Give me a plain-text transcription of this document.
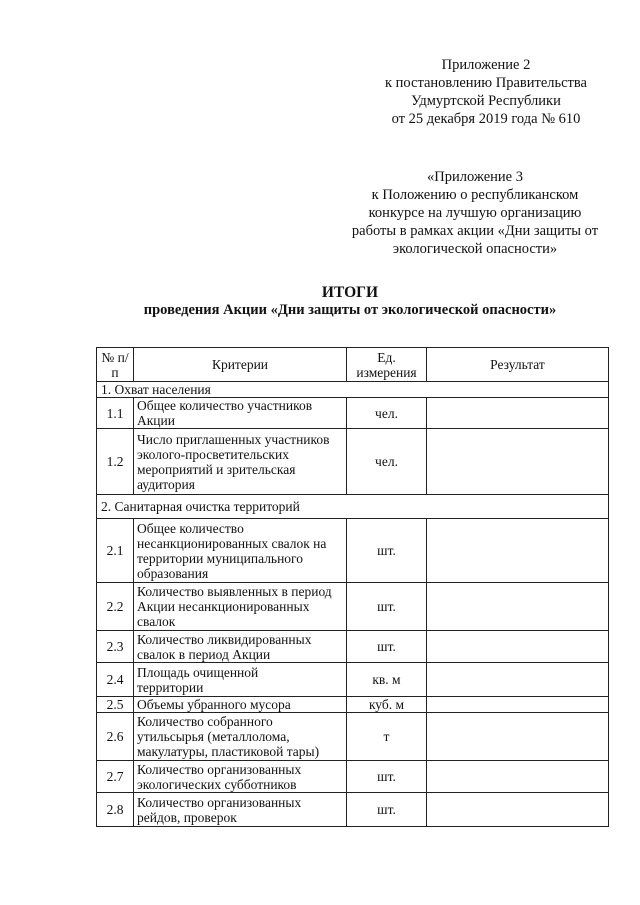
Приложение 2
к постановлению Правительства
Удмуртской Республики
от 25 декабря 2019 года № 610
«Приложение 3
к Положению о республиканском
конкурсе на лучшую организацию
работы в рамках акции «Дни защиты от
экологической опасности»
ИТОГИ
проведения Акции «Дни защиты от экологической опасности»
№ п/п	Критерии	Ед. измерения	Результат
1. Охват населения			
1.1	Общее количество участников Акции	чел.	
1.2	Число приглашенных участников эколого-просветительских мероприятий и зрительская аудитория	чел.	
2. Санитарная очистка территорий			
2.1	Общее количество несанкционированных свалок на территории муниципального образования	шт.	
2.2	Количество выявленных в период Акции несанкционированных свалок	шт.	
2.3	Количество ликвидированных свалок в период Акции	шт.	
2.4	Площадь очищенной территории	кв. м	
2.5	Объемы убранного мусора	куб. м	
2.6	Количество собранного утильсырья (металлолома, макулатуры, пластиковой тары)	т	
2.7	Количество организованных экологических субботников	шт.	
2.8	Количество организованных рейдов, проверок	шт.	
